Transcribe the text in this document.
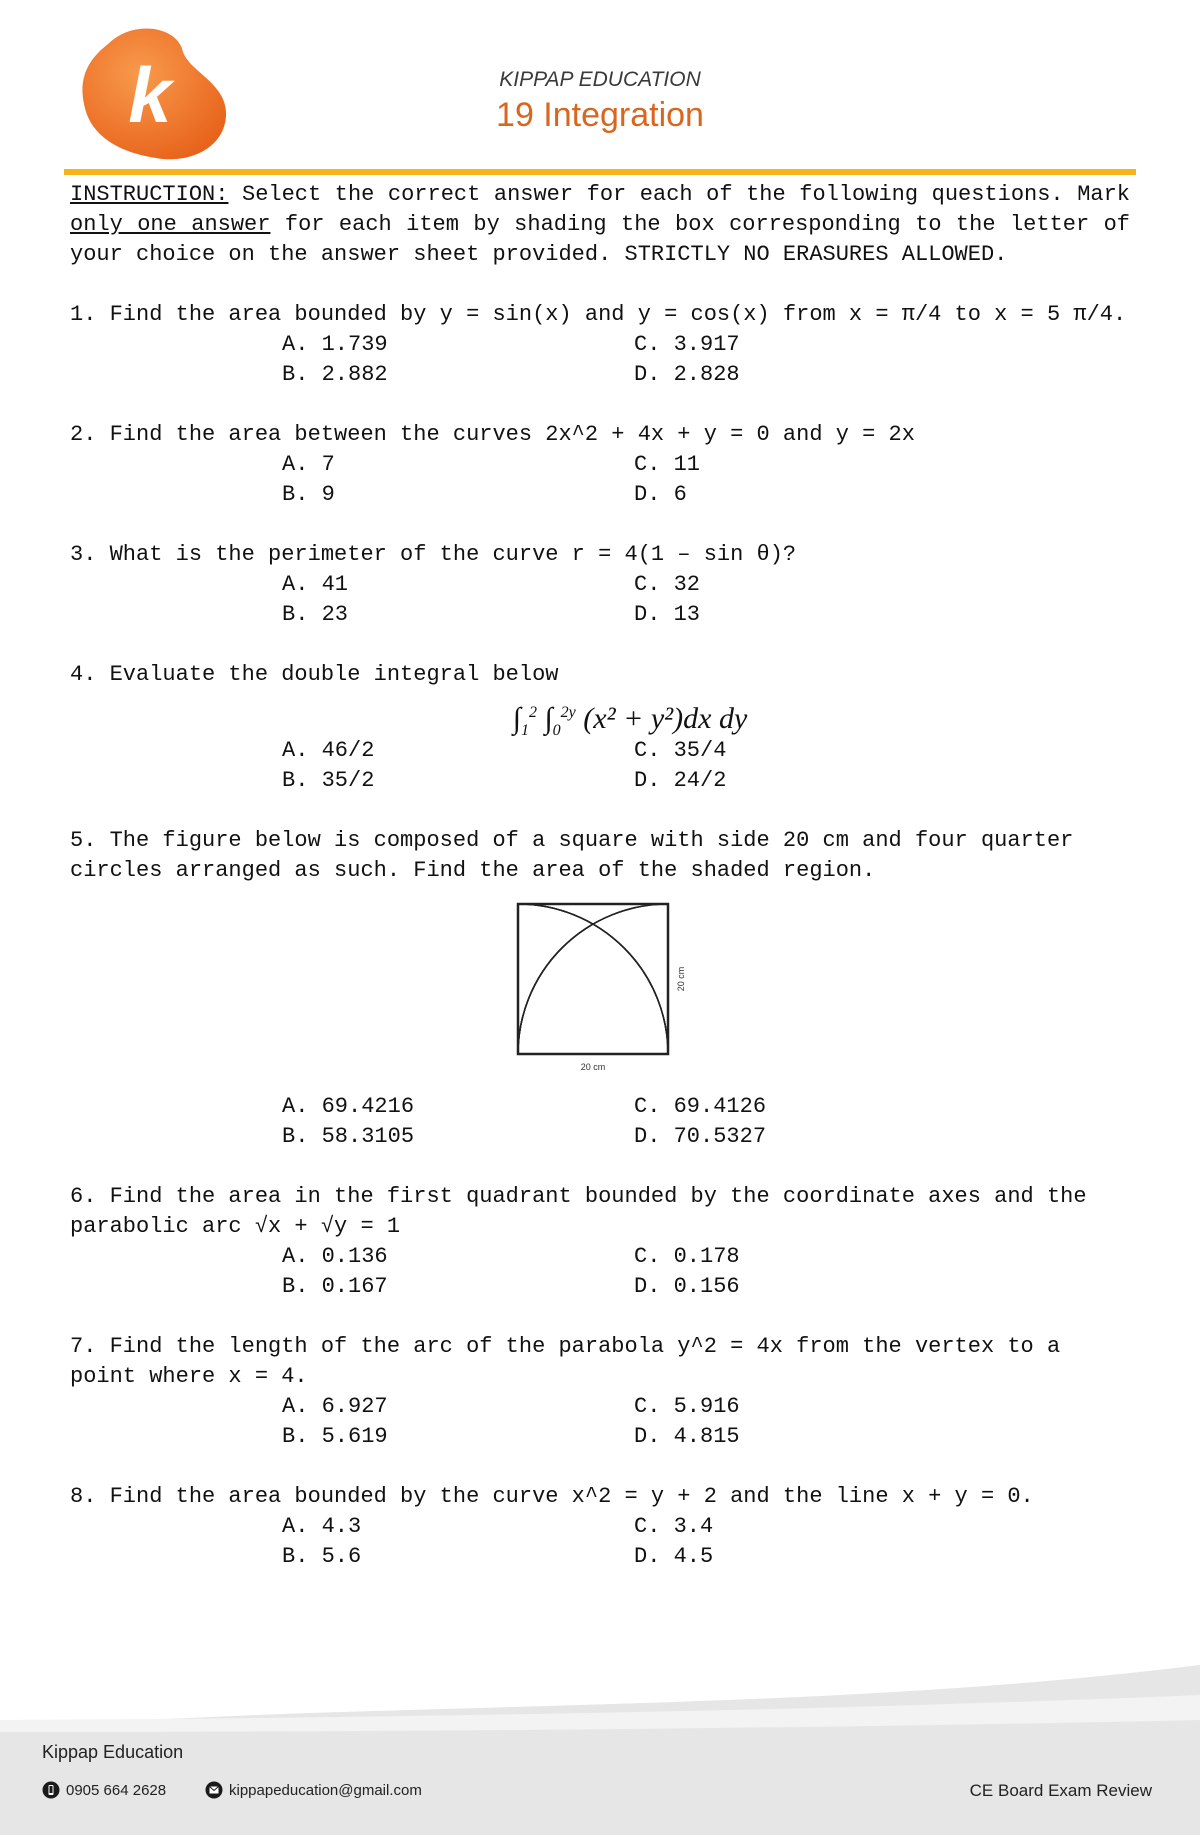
k	KIPPAP EDUCATION
19 Integration

INSTRUCTION: Select the correct answer for each of the following questions. Mark only one answer for each item by shading the box corresponding to the letter of your choice on the answer sheet provided. STRICTLY NO ERASURES ALLOWED.

1. Find the area bounded by y = sin(x) and y = cos(x) from x = π/4 to x = 5 π/4.

A. 1.739	C. 3.917
B. 2.882	D. 2.828

2. Find the area between the curves 2x^2 + 4x + y = 0 and y = 2x

A. 7	C. 11
B. 9	D. 6

3. What is the perimeter of the curve r = 4(1 – sin θ)?

A. 41	C. 32
B. 23	D. 13

4. Evaluate the double integral below

$\int_1^2$ $\int_0^{2y}$ (x² + y²)dx dy
A. 46/2	C. 35/4
B. 35/2	D. 24/2

5. The figure below is composed of a square with side 20 cm and four quarter circles arranged as such. Find the area of the shaded region.

20 cm
20 cm
A. 69.4216	C. 69.4126
B. 58.3105	D. 70.5327

6. Find the area in the first quadrant bounded by the coordinate axes and the parabolic arc √x + √y = 1

A. 0.136	C. 0.178
B. 0.167	D. 0.156

7. Find the length of the arc of the parabola y^2 = 4x from the vertex to a point where x = 4.

A. 6.927	C. 5.916
B. 5.619	D. 4.815

8. Find the area bounded by the curve x^2 = y + 2 and the line x + y = 0.

A. 4.3	C. 3.4
B. 5.6	D. 4.5
Kippap Education
0905 664 2628	kippapeducation@gmail.com	CE Board Exam Review
